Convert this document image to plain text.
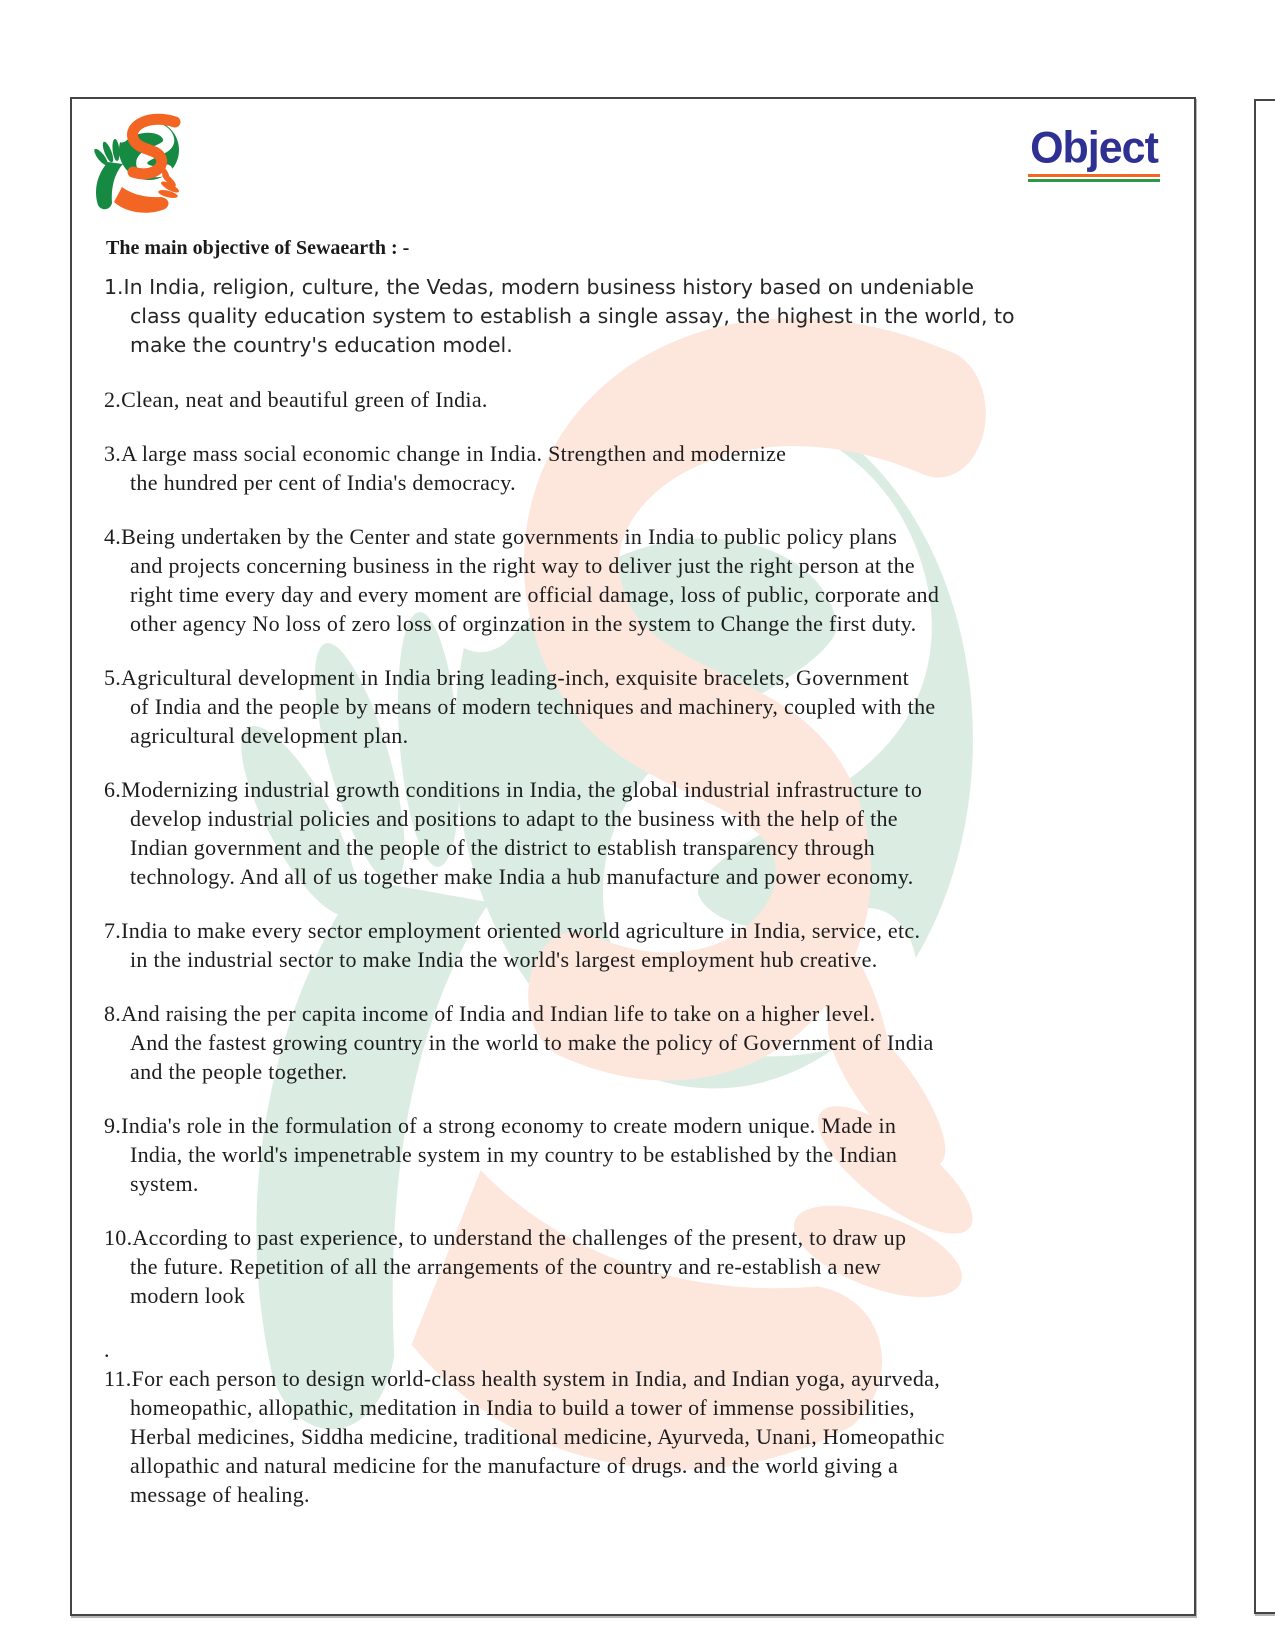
Object

The main objective of Sewaearth : -

1.In India, religion, culture, the Vedas, modern business history based on undeniable
class quality education system to establish a single assay, the highest in the world, to
make the country's education model.

2.Clean, neat and beautiful green of India.

3.A large mass social economic change in India. Strengthen and modernize
the hundred per cent of India's democracy.

4.Being undertaken by the Center and state governments in India to public policy plans
and projects concerning business in the right way to deliver just the right person at the
right time every day and every moment are official damage, loss of public, corporate and
other agency No loss of zero loss of orginzation in the system to Change the first duty.

5.Agricultural development in India bring leading-inch, exquisite bracelets, Government
of India and the people by means of modern techniques and machinery, coupled with the
agricultural development plan.

6.Modernizing industrial growth conditions in India, the global industrial infrastructure to
develop industrial policies and positions to adapt to the business with the help of the
Indian government and the people of the district to establish transparency through
technology. And all of us together make India a hub manufacture and power economy.

7.India to make every sector employment oriented world agriculture in India, service, etc.
in the industrial sector to make India the world's largest employment hub creative.

8.And raising the per capita income of India and Indian life to take on a higher level.
And the fastest growing country in the world to make the policy of Government of India
and the people together.

9.India's role in the formulation of a strong economy to create modern unique. Made in
India, the world's impenetrable system in my country to be established by the Indian
system.

10.According to past experience, to understand the challenges of the present, to draw up
the future. Repetition of all the arrangements of the country and re-establish a new
modern look

.

11.For each person to design world-class health system in India, and Indian yoga, ayurveda,
homeopathic, allopathic, meditation in India to build a tower of immense possibilities,
Herbal medicines, Siddha medicine, traditional medicine, Ayurveda, Unani, Homeopathic
allopathic and natural medicine for the manufacture of drugs. and the world giving a
message of healing.
